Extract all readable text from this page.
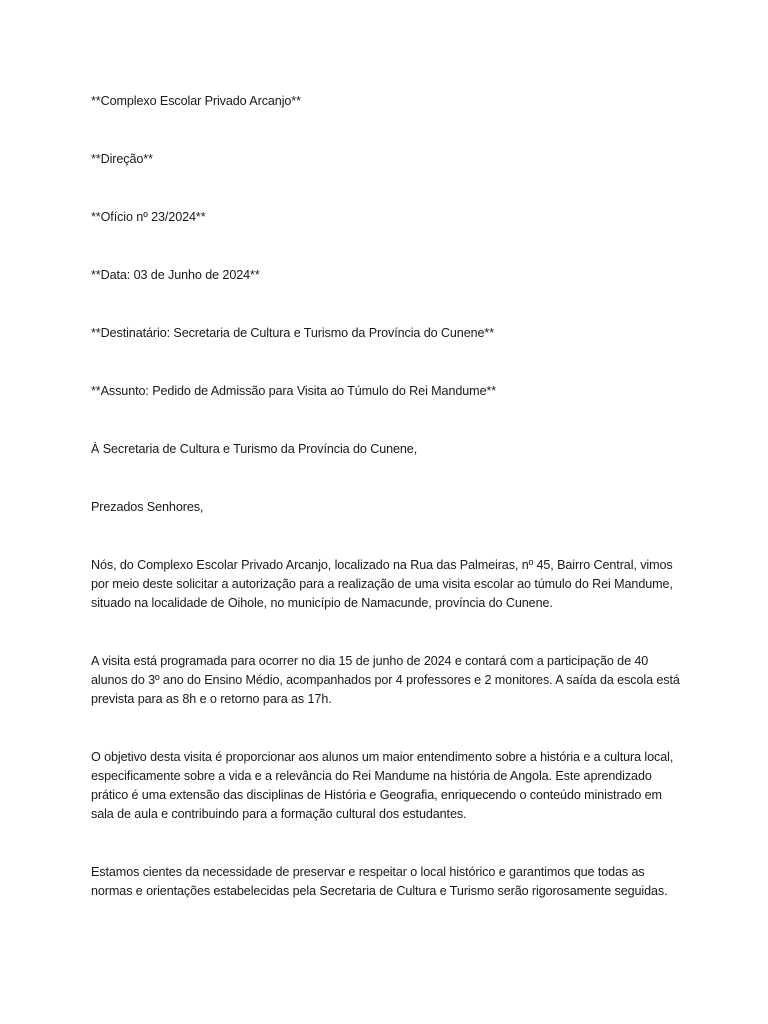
**Complexo Escolar Privado Arcanjo**

**Direção**

**Ofício nº 23/2024**

**Data: 03 de Junho de 2024**

**Destinatário: Secretaria de Cultura e Turismo da Província do Cunene**

**Assunto: Pedido de Admissão para Visita ao Túmulo do Rei Mandume**

À Secretaria de Cultura e Turismo da Província do Cunene,

Prezados Senhores,

Nós, do Complexo Escolar Privado Arcanjo, localizado na Rua das Palmeiras, nº 45, Bairro Central, vimos por meio deste solicitar a autorização para a realização de uma visita escolar ao túmulo do Rei Mandume, situado na localidade de Oihole, no município de Namacunde, província do Cunene.

A visita está programada para ocorrer no dia 15 de junho de 2024 e contará com a participação de 40 alunos do 3º ano do Ensino Médio, acompanhados por 4 professores e 2 monitores. A saída da escola está prevista para as 8h e o retorno para as 17h.

O objetivo desta visita é proporcionar aos alunos um maior entendimento sobre a história e a cultura local, especificamente sobre a vida e a relevância do Rei Mandume na história de Angola. Este aprendizado prático é uma extensão das disciplinas de História e Geografia, enriquecendo o conteúdo ministrado em sala de aula e contribuindo para a formação cultural dos estudantes.

Estamos cientes da necessidade de preservar e respeitar o local histórico e garantimos que todas as normas e orientações estabelecidas pela Secretaria de Cultura e Turismo serão rigorosamente seguidas.
